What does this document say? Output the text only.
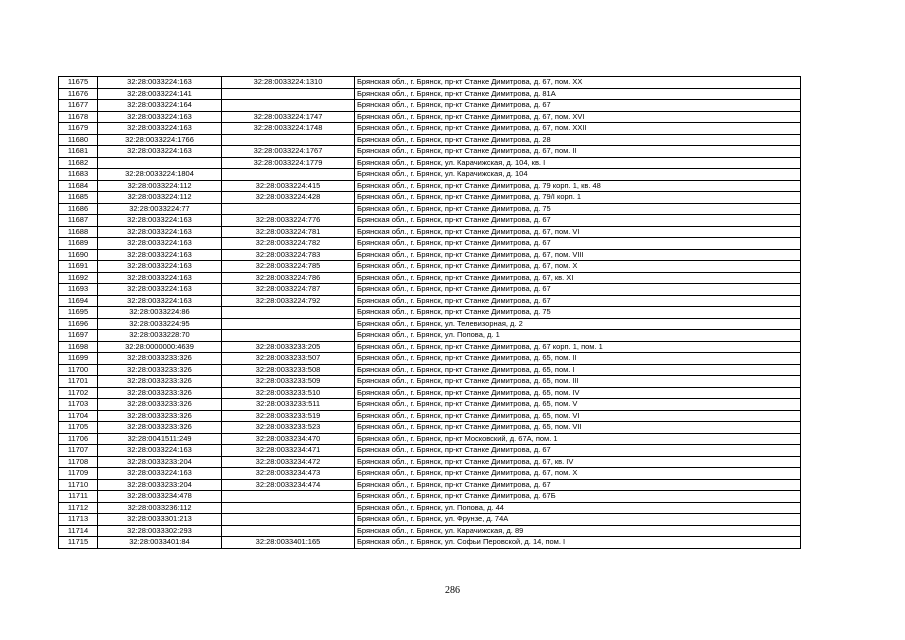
11675	32:28:0033224:163	32:28:0033224:1310	Брянская обл., г. Брянск, пр-кт Станке Димитрова, д. 67, пом. XX
11676	32:28:0033224:141		Брянская обл., г. Брянск, пр-кт Станке Димитрова, д. 81А
11677	32:28:0033224:164		Брянская обл., г. Брянск, пр-кт Станке Димитрова, д. 67
11678	32:28:0033224:163	32:28:0033224:1747	Брянская обл., г. Брянск, пр-кт Станке Димитрова, д. 67, пом. XVI
11679	32:28:0033224:163	32:28:0033224:1748	Брянская обл., г. Брянск, пр-кт Станке Димитрова, д. 67, пом. XXII
11680	32:28:0033224:1766		Брянская обл., г. Брянск, пр-кт Станке Димитрова, д. 28
11681	32:28:0033224:163	32:28:0033224:1767	Брянская обл., г. Брянск, пр-кт Станке Димитрова, д. 67, пом. II
11682		32:28:0033224:1779	Брянская обл., г. Брянск, ул. Карачижская, д. 104, кв. I
11683	32:28:0033224:1804		Брянская обл., г. Брянск, ул. Карачижская, д. 104
11684	32:28:0033224:112	32:28:0033224:415	Брянская обл., г. Брянск, пр-кт Станке Димитрова, д. 79 корп. 1, кв. 48
11685	32:28:0033224:112	32:28:0033224:428	Брянская обл., г. Брянск, пр-кт Станке Димитрова, д. 79/I корп. 1
11686	32:28:0033224:77		Брянская обл., г. Брянск, пр-кт Станке Димитрова, д. 75
11687	32:28:0033224:163	32:28:0033224:776	Брянская обл., г. Брянск, пр-кт Станке Димитрова, д. 67
11688	32:28:0033224:163	32:28:0033224:781	Брянская обл., г. Брянск, пр-кт Станке Димитрова, д. 67, пом. VI
11689	32:28:0033224:163	32:28:0033224:782	Брянская обл., г. Брянск, пр-кт Станке Димитрова, д. 67
11690	32:28:0033224:163	32:28:0033224:783	Брянская обл., г. Брянск, пр-кт Станке Димитрова, д. 67, пом. VIII
11691	32:28:0033224:163	32:28:0033224:785	Брянская обл., г. Брянск, пр-кт Станке Димитрова, д. 67, пом. X
11692	32:28:0033224:163	32:28:0033224:786	Брянская обл., г. Брянск, пр-кт Станке Димитрова, д. 67, кв. XI
11693	32:28:0033224:163	32:28:0033224:787	Брянская обл., г. Брянск, пр-кт Станке Димитрова, д. 67
11694	32:28:0033224:163	32:28:0033224:792	Брянская обл., г. Брянск, пр-кт Станке Димитрова, д. 67
11695	32:28:0033224:86		Брянская обл., г. Брянск, пр-кт Станке Димитрова, д. 75
11696	32:28:0033224:95		Брянская обл., г. Брянск, ул. Телевизорная, д. 2
11697	32:28:0033228:70		Брянская обл., г. Брянск, ул. Попова, д. 1
11698	32:28:0000000:4639	32:28:0033233:205	Брянская обл., г. Брянск, пр-кт Станке Димитрова, д. 67 корп. 1, пом. 1
11699	32:28:0033233:326	32:28:0033233:507	Брянская обл., г. Брянск, пр-кт Станке Димитрова, д. 65, пом. II
11700	32:28:0033233:326	32:28:0033233:508	Брянская обл., г. Брянск, пр-кт Станке Димитрова, д. 65, пом. I
11701	32:28:0033233:326	32:28:0033233:509	Брянская обл., г. Брянск, пр-кт Станке Димитрова, д. 65, пом. III
11702	32:28:0033233:326	32:28:0033233:510	Брянская обл., г. Брянск, пр-кт Станке Димитрова, д. 65, пом. IV
11703	32:28:0033233:326	32:28:0033233:511	Брянская обл., г. Брянск, пр-кт Станке Димитрова, д. 65, пом. V
11704	32:28:0033233:326	32:28:0033233:519	Брянская обл., г. Брянск, пр-кт Станке Димитрова, д. 65, пом. VI
11705	32:28:0033233:326	32:28:0033233:523	Брянская обл., г. Брянск, пр-кт Станке Димитрова, д. 65, пом. VII
11706	32:28:0041511:249	32:28:0033234:470	Брянская обл., г. Брянск, пр-кт Московский, д. 67А, пом. 1
11707	32:28:0033224:163	32:28:0033234:471	Брянская обл., г. Брянск, пр-кт Станке Димитрова, д. 67
11708	32:28:0033233:204	32:28:0033234:472	Брянская обл., г. Брянск, пр-кт Станке Димитрова, д. 67, кв. IV
11709	32:28:0033224:163	32:28:0033234:473	Брянская обл., г. Брянск, пр-кт Станке Димитрова, д. 67, пом. X
11710	32:28:0033233:204	32:28:0033234:474	Брянская обл., г. Брянск, пр-кт Станке Димитрова, д. 67
11711	32:28:0033234:478		Брянская обл., г. Брянск, пр-кт Станке Димитрова, д. 67Б
11712	32:28:0033236:112		Брянская обл., г. Брянск, ул. Попова, д. 44
11713	32:28:0033301:213		Брянская обл., г. Брянск, ул. Фрунзе, д. 74А
11714	32:28:0033302:293		Брянская обл., г. Брянск, ул. Карачижская, д. 89
11715	32:28:0033401:84	32:28:0033401:165	Брянская обл., г. Брянск, ул. Софьи Перовской, д. 14, пом. I
286
